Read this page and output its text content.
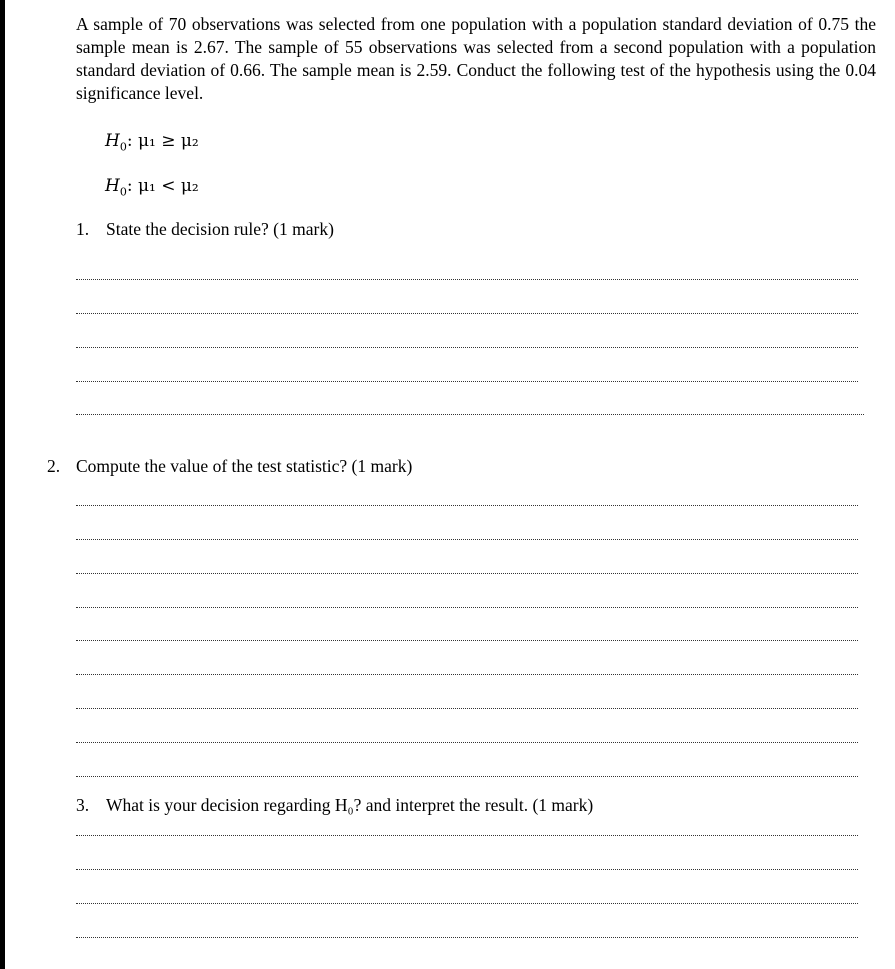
A sample of 70 observations was selected from one population with a population standard deviation of 0.75 the sample mean is 2.67. The sample of 55 observations was selected from a second population with a population standard deviation of 0.66. The sample mean is 2.59. Conduct the following test of the hypothesis using the 0.04 significance level.

$H_0$: μ₁ ≥ μ₂
$H_0$: μ₁ < μ₂
1. State the decision rule? (1 mark)
2. Compute the value of the test statistic? (1 mark)
3. What is your decision regarding H₀? and interpret the result. (1 mark)
